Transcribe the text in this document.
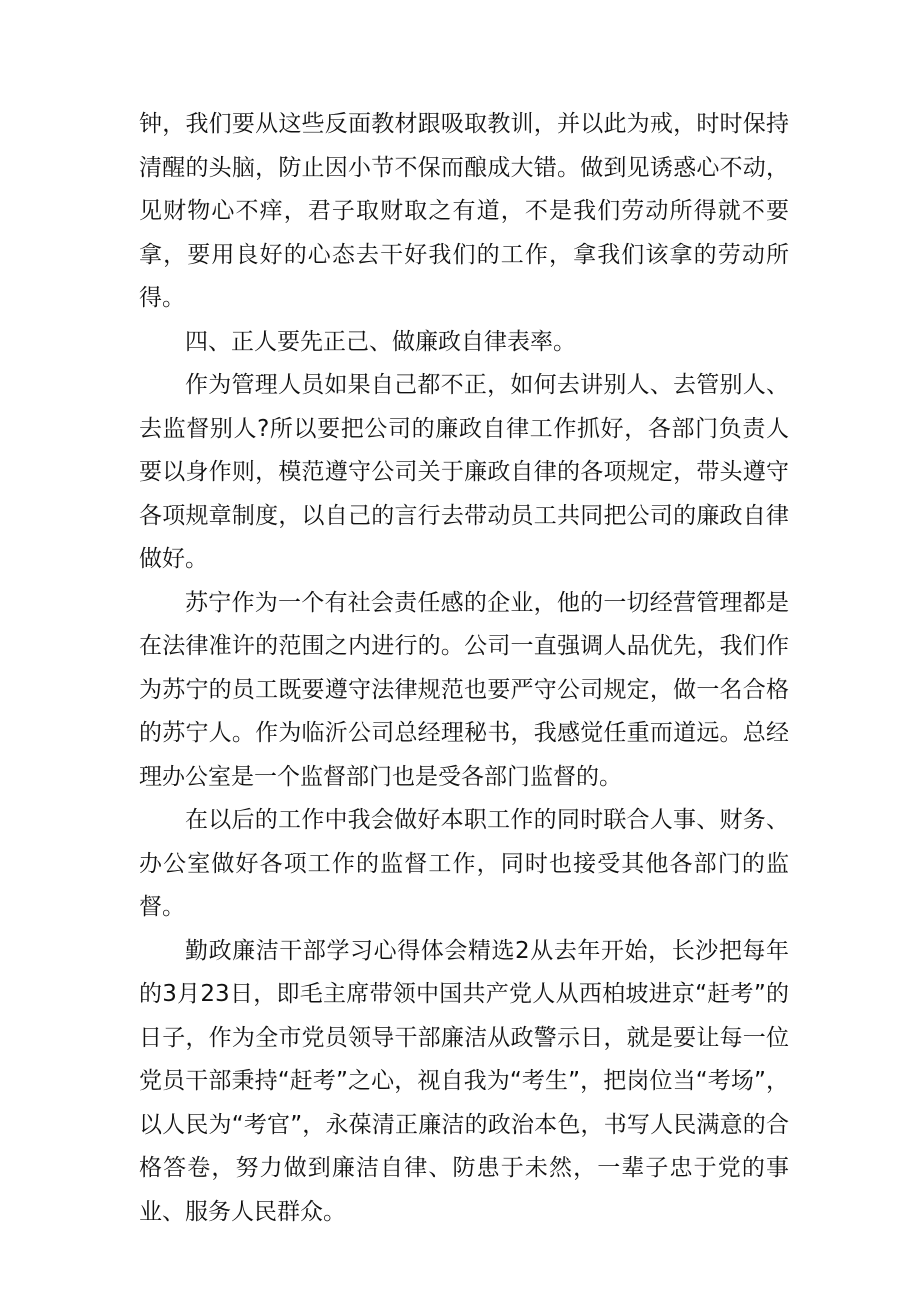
钟，我们要从这些反面教材跟吸取教训，并以此为戒，时时保持清醒的头脑，防止因小节不保而酿成大错。做到见诱惑心不动，见财物心不痒，君子取财取之有道，不是我们劳动所得就不要拿，要用良好的心态去干好我们的工作，拿我们该拿的劳动所得。

四、正人要先正己、做廉政自律表率。

作为管理人员如果自己都不正，如何去讲别人、去管别人、去监督别人?所以要把公司的廉政自律工作抓好，各部门负责人要以身作则，模范遵守公司关于廉政自律的各项规定，带头遵守各项规章制度，以自己的言行去带动员工共同把公司的廉政自律做好。

苏宁作为一个有社会责任感的企业，他的一切经营管理都是在法律准许的范围之内进行的。公司一直强调人品优先，我们作为苏宁的员工既要遵守法律规范也要严守公司规定，做一名合格的苏宁人。作为临沂公司总经理秘书，我感觉任重而道远。总经理办公室是一个监督部门也是受各部门监督的。

在以后的工作中我会做好本职工作的同时联合人事、财务、办公室做好各项工作的监督工作，同时也接受其他各部门的监督。

勤政廉洁干部学习心得体会精选2从去年开始，长沙把每年的3月23日，即毛主席带领中国共产党人从西柏坡进京“赶考”的日子，作为全市党员领导干部廉洁从政警示日，就是要让每一位党员干部秉持“赶考”之心，视自我为“考生”，把岗位当“考场”，以人民为“考官”，永葆清正廉洁的政治本色，书写人民满意的合格答卷，努力做到廉洁自律、防患于未然，一辈子忠于党的事业、服务人民群众。
